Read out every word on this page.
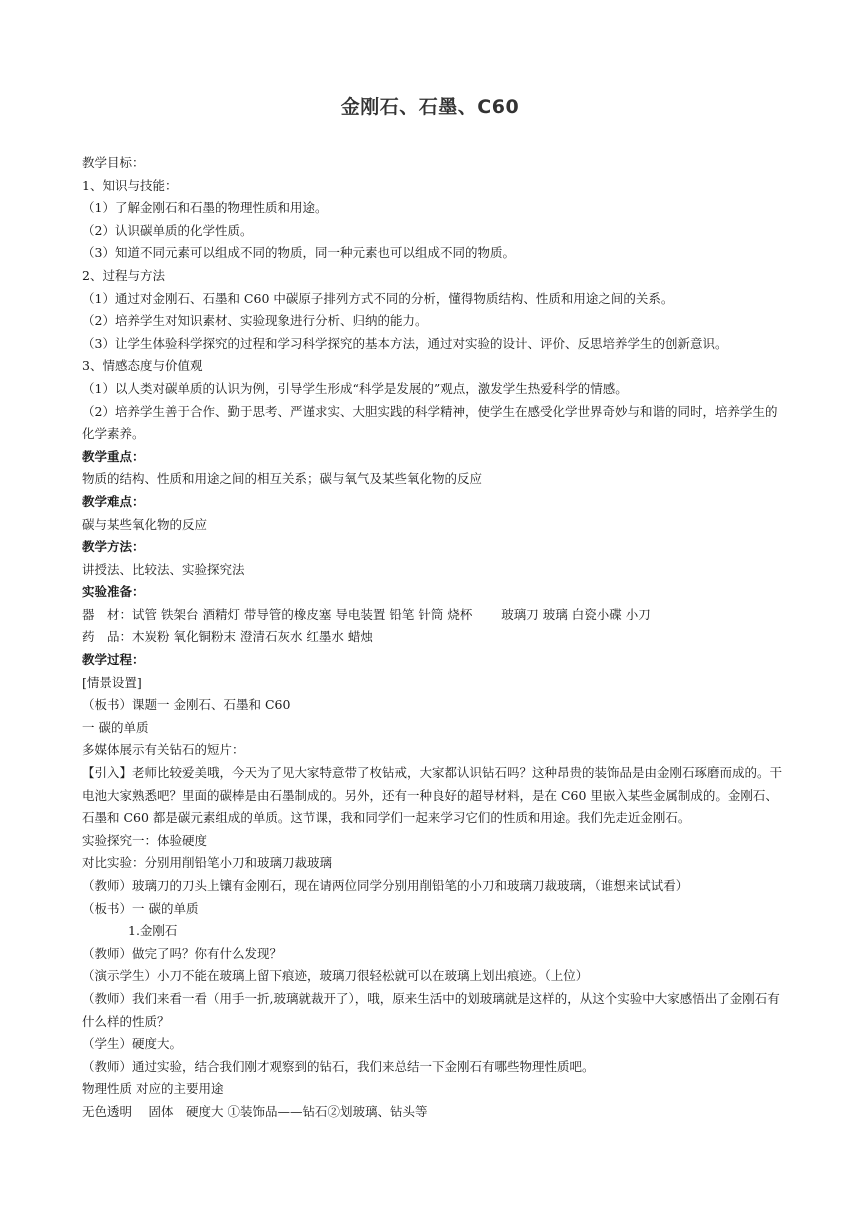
金刚石、石墨、C60
教学目标：
1、知识与技能：
（1）了解金刚石和石墨的物理性质和用途。
（2）认识碳单质的化学性质。
（3）知道不同元素可以组成不同的物质，同一种元素也可以组成不同的物质。
2、过程与方法
（1）通过对金刚石、石墨和 C60 中碳原子排列方式不同的分析，懂得物质结构、性质和用途之间的关系。
（2）培养学生对知识素材、实验现象进行分析、归纳的能力。
（3）让学生体验科学探究的过程和学习科学探究的基本方法，通过对实验的设计、评价、反思培养学生的创新意识。
3、情感态度与价值观
（1）以人类对碳单质的认识为例，引导学生形成“科学是发展的”观点，激发学生热爱科学的情感。
（2）培养学生善于合作、勤于思考、严谨求实、大胆实践的科学精神，使学生在感受化学世界奇妙与和谐的同时，培养学生的化学素养。
教学重点：
物质的结构、性质和用途之间的相互关系；碳与氧气及某些氧化物的反应
教学难点：
碳与某些氧化物的反应
教学方法：
讲授法、比较法、实验探究法
实验准备：
器　材：试管 铁架台 酒精灯 带导管的橡皮塞 导电装置 铅笔 针筒 烧杯　　 玻璃刀 玻璃 白瓷小碟 小刀
药　品：木炭粉 氧化铜粉末 澄清石灰水 红墨水 蜡烛
教学过程：
[情景设置]
（板书）课题一 金刚石、石墨和 C60
一 碳的单质
多媒体展示有关钻石的短片：
【引入】老师比较爱美哦，今天为了见大家特意带了枚钻戒，大家都认识钻石吗？这种昂贵的装饰品是由金刚石琢磨而成的。干电池大家熟悉吧？里面的碳棒是由石墨制成的。另外，还有一种良好的超导材料，是在 C60 里嵌入某些金属制成的。金刚石、石墨和 C60 都是碳元素组成的单质。这节课，我和同学们一起来学习它们的性质和用途。我们先走近金刚石。
实验探究一：体验硬度
对比实验：分别用削铅笔小刀和玻璃刀裁玻璃
（教师）玻璃刀的刀头上镶有金刚石，现在请两位同学分别用削铅笔的小刀和玻璃刀裁玻璃，（谁想来试试看）
（板书）一 碳的单质
1.金刚石
（教师）做完了吗？你有什么发现？
（演示学生）小刀不能在玻璃上留下痕迹，玻璃刀很轻松就可以在玻璃上划出痕迹。（上位）
（教师）我们来看一看（用手一折,玻璃就裁开了），哦，原来生活中的划玻璃就是这样的，从这个实验中大家感悟出了金刚石有什么样的性质？
（学生）硬度大。
（教师）通过实验，结合我们刚才观察到的钻石，我们来总结一下金刚石有哪些物理性质吧。
物理性质 对应的主要用途
无色透明　 固体　硬度大 ①装饰品——钻石②划玻璃、钻头等
